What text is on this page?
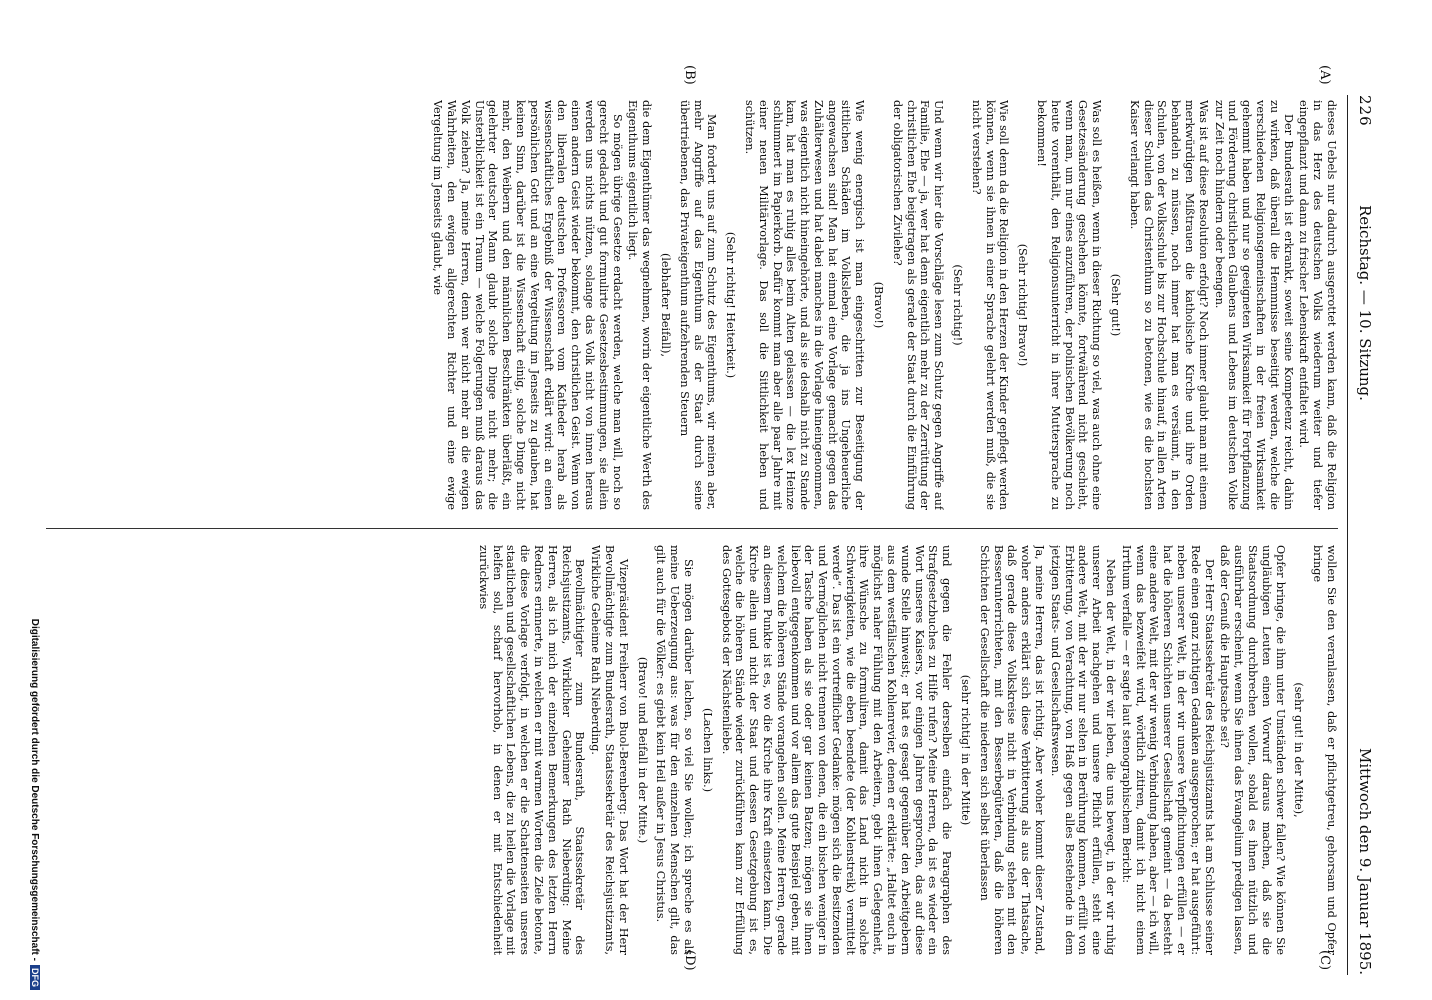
226
Reichstag. — 10. Sitzung.
Mittwoch den 9. Januar 1895.
(A)
(B)
(C)
(D)

dieses Uebels nur dadurch ausgerottet werden kann, daß die Religion in das Herz des deutschen Volks wiederum weiter und tiefer eingepflanzt und dann zu frischer Lebenskraft entfaltet wird.

Der Bundesrath ist erkrankt, soweit seine Kompetenz reicht, dahin zu wirken, daß überall die Hemmnisse beseitigt werden, welche die verschiedenen Religionsgemeinschaften in der freien Wirksamkeit gehemmt haben und nur so geeigneten Wirksamkeit für Fortpflanzung und Förderung christlichen Glaubens und Lebens im deutschen Volke zur Zeit noch hindern oder beengen.

Was ist auf diese Resolution erfolgt? Noch immer glaubt man mit einem merkwürdigen Mißtrauen die katholische Kirche und ihre Orden behandeln zu müssen, noch immer hat man es versäumt, in den Schulen, von der Volksschule bis zur Hochschule hinauf, in allen Arten dieser Schulen das Christenthum so zu betonen, wie es die hochsten Kaiser verlangt haben.

(Sehr gut!)

Was soll es heißen, wenn in dieser Richtung so viel, was auch ohne eine Gesetzesänderung geschehen könnte, fortwährend nicht geschieht, wenn man, um nur eines anzuführen, der polnischen Bevölkerung noch heute vorenthält, den Religionsunterricht in ihrer Muttersprache zu bekommen!

(Sehr richtig! Bravo!)

Wie soll denn da die Religion in den Herzen der Kinder gepflegt werden können, wenn sie ihnen in einer Sprache gelehrt werden muß, die sie nicht verstehen?

(Sehr richtig!)

Und wenn wir hier die Vorschläge lesen zum Schutz gegen Angriffe auf Familie, Ehe — ja, wer hat denn eigentlich mehr zu der Zerrüttung der christlichen Ehe beigetragen als gerade der Staat durch die Einführung der obligatorischen Zivilehe?

(Bravo!)

Wie wenig energisch ist man eingeschritten zur Beseitigung der sittlichen Schäden im Volksleben, die ja ins Ungeheuerliche angewachsen sind! Man hat einmal eine Vorlage gemacht gegen das Zuhälterwesen und hat dabei manches in die Vorlage hineingenommen, was eigentlich nicht hineingehörte, und als sie deshalb nicht zu Stande kam, hat man es ruhig alles beim Alten gelassen — die lex Heinze schlummert im Papierkorb. Dafür kommt man aber alle paar Jahre mit einer neuen Militärvorlage. Das soll die Sittlichkeit heben und schützen.

(Sehr richtig! Heiterkeit.)

Man fordert uns auf zum Schutz des Eigenthums, wir meinen aber, mehr Angriffe auf das Eigenthum als der Staat durch seine übertriebenen, das Privateigenthum aufzehrenden Steuern

(lebhafter Beifall),

die dem Eigenthümer das wegnehmen, worin der eigentliche Werth des Eigenthums eigentlich liegt.

So mögen übrige Gesetze erdacht werden, welche man will, noch so gerecht gedacht und gut formulirte Gesetzesbestimmungen, sie allein werden uns nichts nützen, solange das Volk nicht von innen heraus einen andern Geist wieder bekommt, den christlichen Geist. Wenn von den liberalen deutschen Professoren vom Katheder herab als wissenschaftliches Ergebniß der Wissenschaft erklärt wird: an einen persönlichen Gott und an eine Vergeltung im Jenseits zu glauben, hat keinen Sinn, darüber ist die Wissenschaft einig, solche Dinge nicht mehr, den Weibern und den männlichen Beschränkten überläßt, ein gelehrter deutscher Mann glaubt solche Dinge nicht mehr; die Unsterblichkeit ist ein Traum — welche Folgerungen muß daraus das Volk ziehen? Ja, meine Herren, denn wer nicht mehr an die ewigen Wahrheiten, den ewigen allgerechten Richter und eine ewige Vergeltung im Jenseits glaubt, wie

wollen Sie den veranlassen, daß er pflichtgetreu, gehorsam und Opfer bringe

(sehr gut! in der Mitte),

Opfer bringe, die ihm unter Umständen schwer fallen? Wie können Sie ungläubigen Leuten einen Vorwurf daraus machen, daß sie die Staatsordnung durchbrechen wollen, sobald es ihnen nützlich und ausführbar erscheint, wenn Sie ihnen das Evangelium predigen lassen, daß der Genuß die Hauptsache sei?

Der Herr Staatssekretär des Reichsjustizamts hat am Schlusse seiner Rede einen ganz richtigen Gedanken ausgesprochen; er hat ausgeführt: neben unserer Welt, in der wir unsere Verpflichtungen erfüllen — er hat die höheren Schichten unserer Gesellschaft gemeint — da besteht eine andere Welt, mit der wir wenig Verbindung haben, aber — ich will, wenn das bezweifelt wird, wörtlich zitiren, damit ich nicht einem Irrthum verfalle — er sagte laut stenographischem Bericht:

Neben der Welt, in der wir leben, die uns bewegt, in der wir ruhig unserer Arbeit nachgehen und unsere Pflicht erfüllen, steht eine andere Welt, mit der wir nur selten in Berührung kommen, erfüllt von Erbitterung, von Verachtung, von Haß gegen alles Bestehende in dem jetzigen Staats- und Gesellschaftswesen.

Ja, meine Herren, das ist richtig. Aber woher kommt dieser Zustand, woher anders erklärt sich diese Verbitterung als aus der Thatsache, daß gerade diese Volkskreise nicht in Verbindung stehen mit den Besserunterrichteten, mit den Besserbegüterten, daß die höheren Schichten der Gesellschaft die niederen sich selbst überlassen

(sehr richtig! in der Mitte)

und gegen die Fehler derselben einfach die Paragraphen des Strafgesetzbuches zu Hilfe rufen? Meine Herren, da ist es wieder ein Wort unseres Kaisers, vor einigen Jahren gesprochen, das auf diese wunde Stelle hinweist; er hat es gesagt gegenüber den Arbeitgebern aus dem westfälischen Kohlenrevier, denen er erklärte: „Haltet euch in möglichst naher Fühlung mit den Arbeitern, gebt ihnen Gelegenheit, ihre Wünsche zu formuliren, damit das Land nicht in solche Schwierigkeiten, wie die eben beendete (der Kohlenstreik) vermittelt werde“. Das ist ein vortrefflicher Gedanke: mögen sich die Besitzenden und Vermöglichen nicht trennen von denen, die ein bischen weniger in der Tasche haben als sie oder gar keinen Batzen; mögen sie ihnen liebevoll entgegenkommen und vor allem das gute Beispiel geben, mit welchem die höheren Stände vorangehen sollen. Meine Herren, gerade an diesem Punkte ist es, wo die Kirche ihre Kraft einsetzen kann. Die Kirche allein und nicht der Staat und dessen Gesetzgebung ist es, welche die höheren Stände wieder zurückführen kann zur Erfüllung des Gottesgebots der Nächstenliebe.

(Lachen links.)

Sie mögen darüber lachen, so viel Sie wollen; ich spreche es als meine Ueberzeugung aus: was für den einzelnen Menschen gilt, das gilt auch für die Völker: es giebt kein Heil außer in Jesus Christus.

(Bravo! und Beifall in der Mitte.)

Vizepräsident Freiherr von Buol-Berenberg: Das Wort hat der Herr Bevollmächtigte zum Bundesrath, Staatssekretär des Reichsjustizamts, Wirkliche Geheime Rath Nieberding.

Bevollmächtigter zum Bundesrath, Staatssekretär des Reichsjustizamts, Wirklicher Geheimer Rath Nieberding: Meine Herren, als ich mich der einzelnen Bemerkungen des letzten Herrn Redners erinnerte, in welchen er mit warmen Worten die Ziele betonte, die diese Vorlage verfolgt, in welchen er die Schattenseiten unseres staatlichen und gesellschaftlichen Lebens, die zu heilen die Vorlage mit helfen soll, scharf hervorhob, in denen er mit Entschiedenheit zurückwies

Digitalisierung gefördert durch die Deutsche Forschungsgemeinschaft -DFG
